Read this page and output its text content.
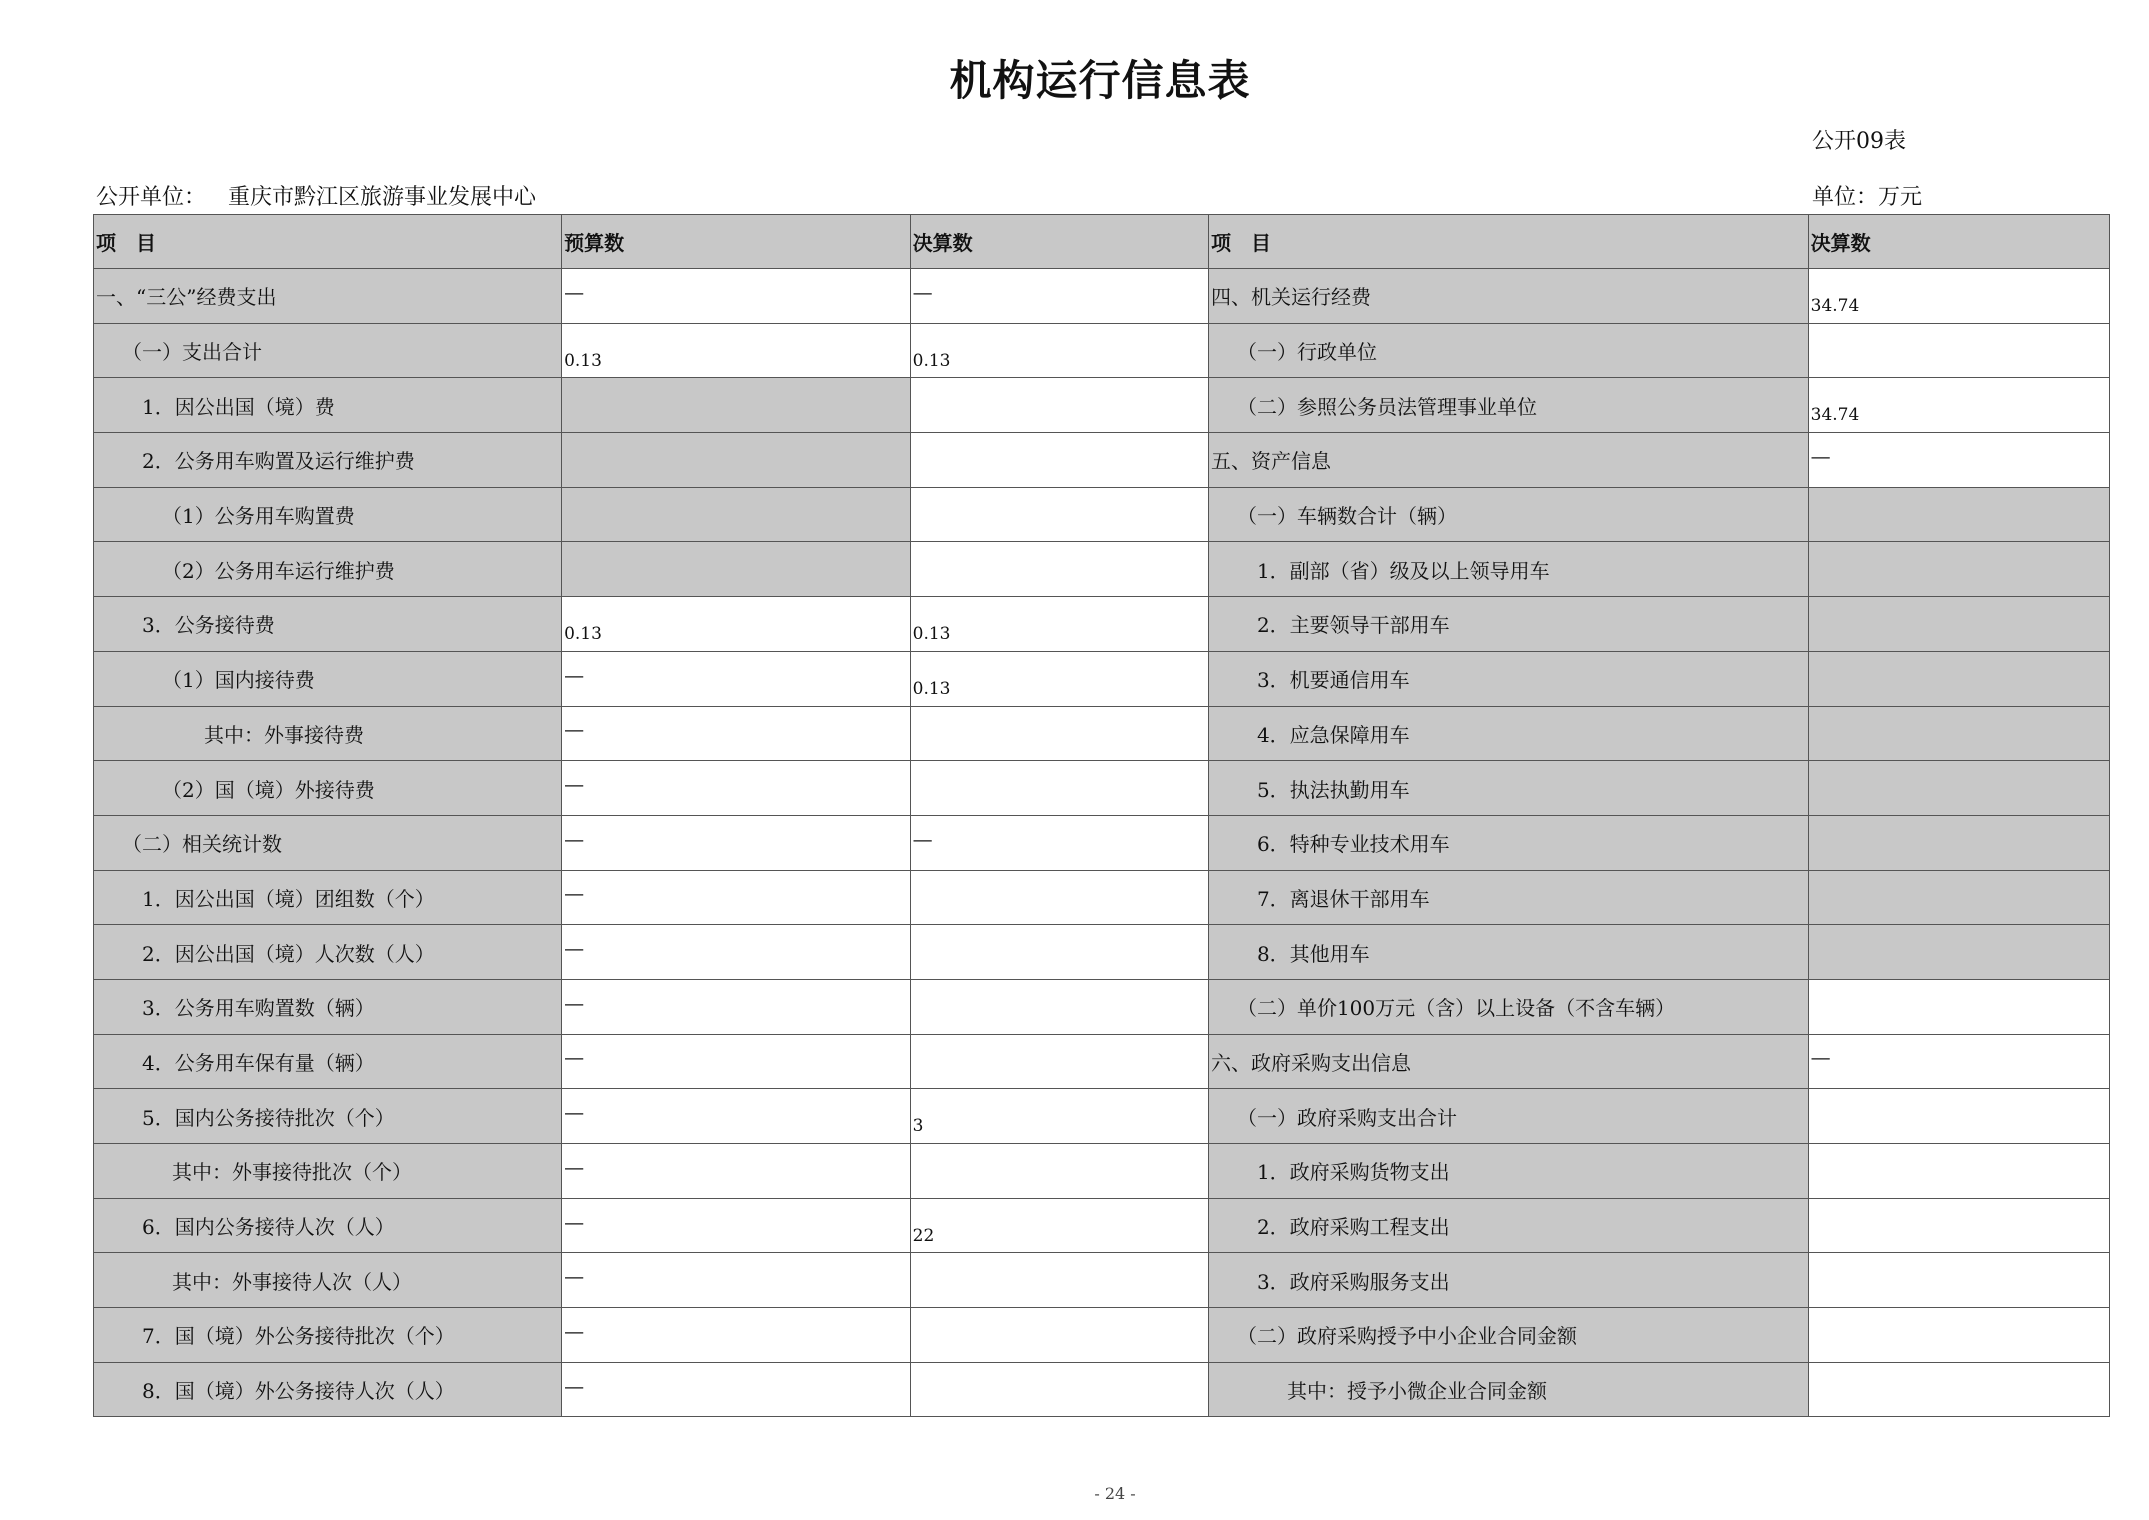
机构运行信息表
公开09表
公开单位： 重庆市黔江区旅游事业发展中心	单位：万元
项　目	预算数	决算数	项　目	决算数
一、“三公”经费支出	—	—	四、机关运行经费	$_{34.74}$
（一）支出合计	$_{0.13}$	$_{0.13}$	（一）行政单位	
1．因公出国（境）费			（二）参照公务员法管理事业单位	$_{34.74}$
2．公务用车购置及运行维护费			五、资产信息	—
（1）公务用车购置费			（一）车辆数合计（辆）	
（2）公务用车运行维护费			1．副部（省）级及以上领导用车	
3．公务接待费	$_{0.13}$	$_{0.13}$	2．主要领导干部用车	
（1）国内接待费	—	$_{0.13}$	3．机要通信用车	
其中：外事接待费	—		4．应急保障用车	
（2）国（境）外接待费	—		5．执法执勤用车	
（二）相关统计数	—	—	6．特种专业技术用车	
1．因公出国（境）团组数（个）	—		7．离退休干部用车	
2．因公出国（境）人次数（人）	—		8．其他用车	
3．公务用车购置数（辆）	—		（二）单价100万元（含）以上设备（不含车辆）	
4．公务用车保有量（辆）	—		六、政府采购支出信息	—
5．国内公务接待批次（个）	—	$_3$	（一）政府采购支出合计	
其中：外事接待批次（个）	—		1．政府采购货物支出	
6．国内公务接待人次（人）	—	$_{22}$	2．政府采购工程支出	
其中：外事接待人次（人）	—		3．政府采购服务支出	
7．国（境）外公务接待批次（个）	—		（二）政府采购授予中小企业合同金额	
8．国（境）外公务接待人次（人）	—		其中：授予小微企业合同金额	
- 24 -
